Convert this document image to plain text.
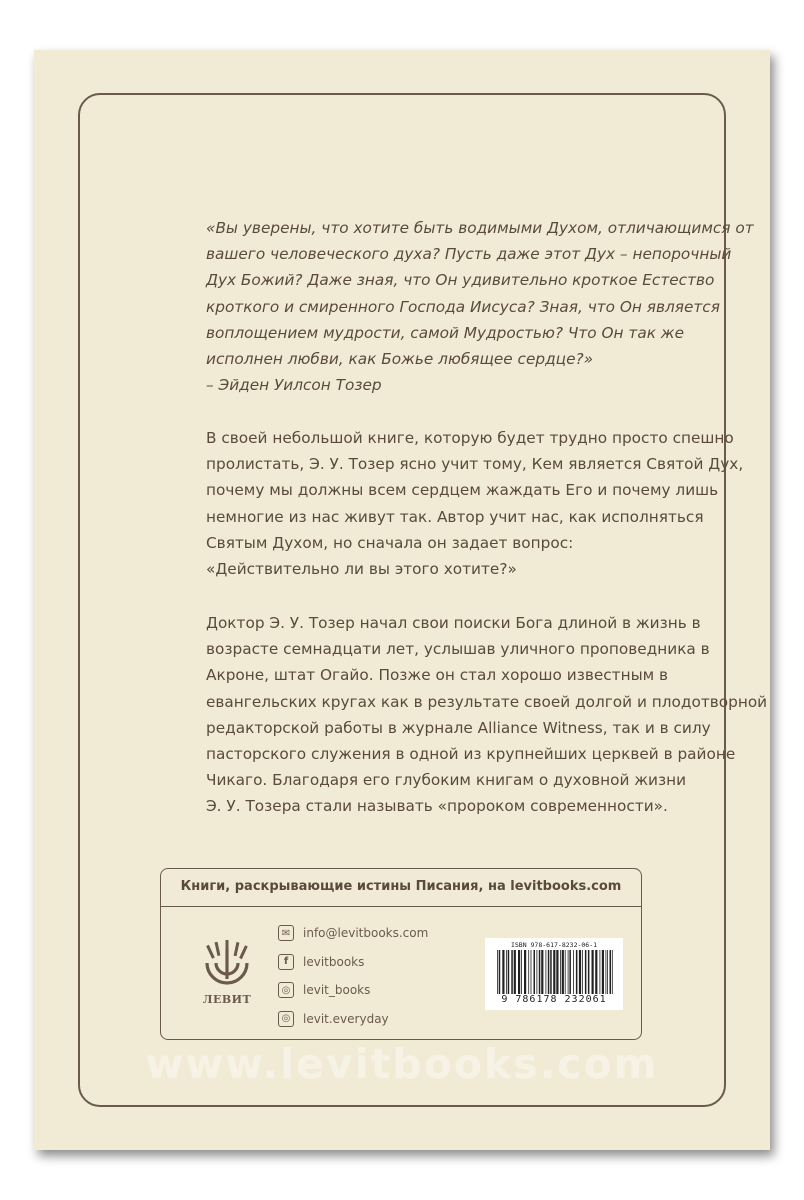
«Вы уверены, что хотите быть водимыми Духом, отличающимся от
вашего человеческого духа? Пусть даже этот Дух – непорочный
Дух Божий? Даже зная, что Он удивительно кроткое Естество
кроткого и смиренного Господа Иисуса? Зная, что Он является
воплощением мудрости, самой Мудростью? Что Он так же
исполнен любви, как Божье любящее сердце?»
– Эйден Уилсон Тозер

В своей небольшой книге, которую будет трудно просто спешно
пролистать, Э. У. Тозер ясно учит тому, Кем является Святой Дух,
почему мы должны всем сердцем жаждать Его и почему лишь
немногие из нас живут так. Автор учит нас, как исполняться
Святым Духом, но сначала он задает вопрос:
«Действительно ли вы этого хотите?»

Доктор Э. У. Тозер начал свои поиски Бога длиной в жизнь в
возрасте семнадцати лет, услышав уличного проповедника в
Акроне, штат Огайо. Позже он стал хорошо известным в
евангельских кругах как в результате своей долгой и плодотворной
редакторской работы в журнале Alliance Witness, так и в силу
пасторского служения в одной из крупнейших церквей в районе
Чикаго. Благодаря его глубоким книгам о духовной жизни
Э. У. Тозера стали называть «пророком современности».

Книги, раскрывающие истины Писания, на levitbooks.com
ЛЕВИТ
✉	info@levitbooks.com
f	levitbooks
◎	levit_books
◎	levit.everyday
ISBN 978-617-8232-06-1
9 786178 232061
www.levitbooks.com
